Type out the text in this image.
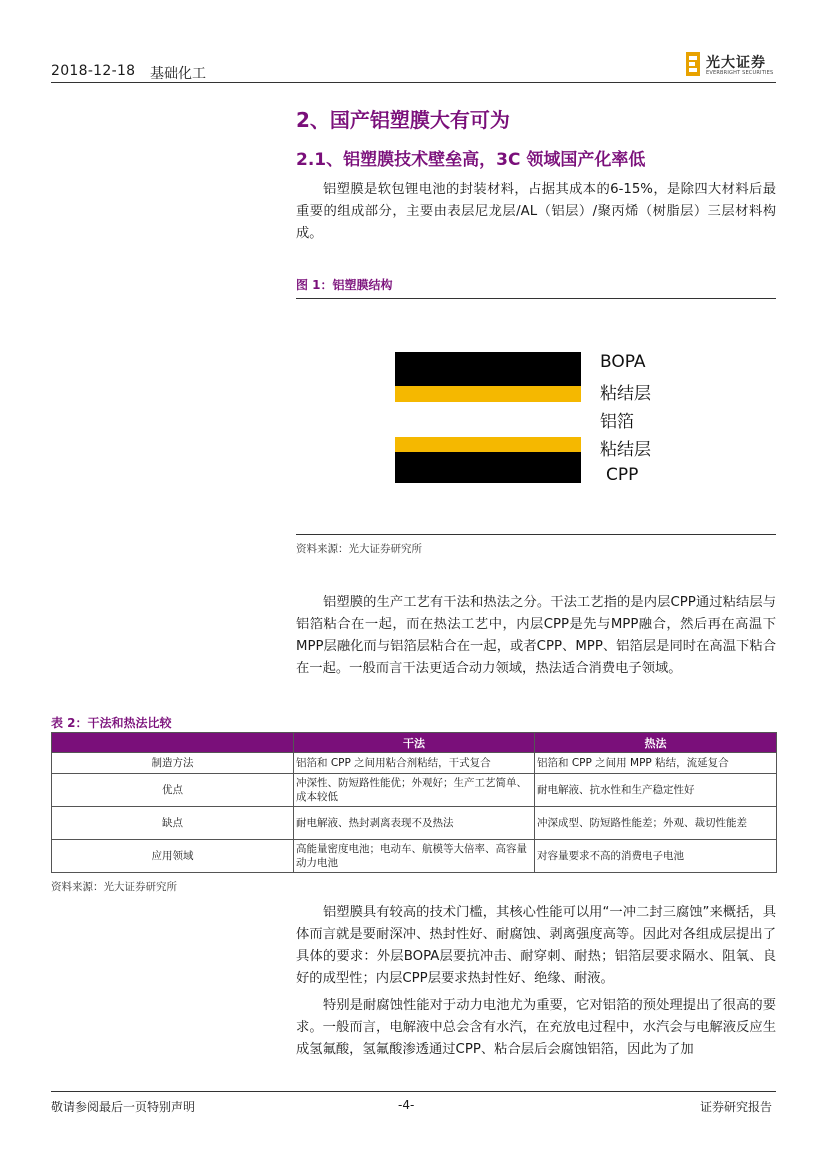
2018-12-18 基础化工
光大证券
EVERBRIGHT SECURITIES
2、国产铝塑膜大有可为
2.1、铝塑膜技术壁垒高，3C 领域国产化率低
铝塑膜是软包锂电池的封装材料，占据其成本的6-15%，是除四大材料后最重要的组成部分，主要由表层尼龙层/AL（铝层）/聚丙烯（树脂层）三层材料构成。
图 1：铝塑膜结构
BOPA
粘结层
铝箔
粘结层
CPP
资料来源：光大证券研究所
铝塑膜的生产工艺有干法和热法之分。干法工艺指的是内层CPP通过粘结层与铝箔粘合在一起，而在热法工艺中，内层CPP是先与MPP融合，然后再在高温下MPP层融化而与铝箔层粘合在一起，或者CPP、MPP、铝箔层是同时在高温下粘合在一起。一般而言干法更适合动力领域，热法适合消费电子领域。
表 2：干法和热法比较
	干法	热法
制造方法	铝箔和 CPP 之间用粘合剂粘结，干式复合	铝箔和 CPP 之间用 MPP 粘结，流延复合
优点	冲深性、防短路性能优；外观好；生产工艺简单、成本较低	耐电解液、抗水性和生产稳定性好
缺点	耐电解液、热封剥离表现不及热法	冲深成型、防短路性能差；外观、裁切性能差
应用领域	高能量密度电池；电动车、航模等大倍率、高容量动力电池	对容量要求不高的消费电子电池
资料来源：光大证券研究所
铝塑膜具有较高的技术门槛，其核心性能可以用“一冲二封三腐蚀”来概括，具体而言就是要耐深冲、热封性好、耐腐蚀、剥离强度高等。因此对各组成层提出了具体的要求：外层BOPA层要抗冲击、耐穿刺、耐热；铝箔层要求隔水、阻氧、良好的成型性；内层CPP层要求热封性好、绝缘、耐液。
特别是耐腐蚀性能对于动力电池尤为重要，它对铝箔的预处理提出了很高的要求。一般而言，电解液中总会含有水汽，在充放电过程中，水汽会与电解液反应生成氢氟酸，氢氟酸渗透通过CPP、粘合层后会腐蚀铝箔，因此为了加
敬请参阅最后一页特别声明	-4-	证券研究报告
